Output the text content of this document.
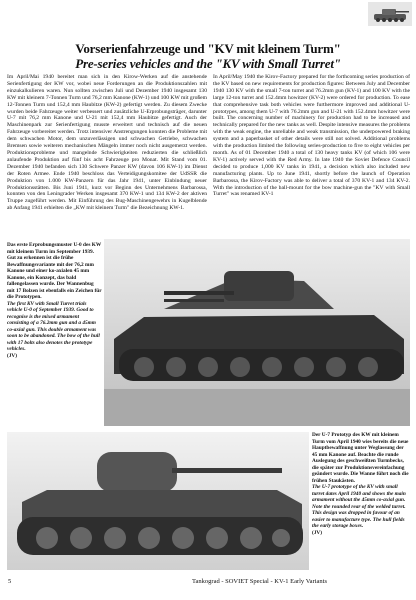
Vorserienfahrzeuge und "KV mit kleinem Turm"
Pre-series vehicles and the "KV with Small Turret"

Im April/Mai 1940 bereitet man sich in den Kirow-Werken auf die anstehende Serienfertigung der KW vor, wobei neue Forderungen an die Produktionszahlen mit einzukalkulieren waren. Nun sollten zwischen Juli und Dezember 1940 insgesamt 130 KW mit kleinem 7-Tonnen Turm und 76,2 mm Kanone (KW-1) und 100 KW mit großem 12-Tonnen Turm und 152,4 mm Haubitze (KW-2) gefertigt werden. Zu diesem Zwecke wurden beide Fahrzeuge weiter verbessert und zusätzliche U-Erprobungsträger, darunter U-7 mit 76,2 mm Kanone und U-21 mit 152,4 mm Haubitze gefertigt. Auch der Maschinenpark zur Serienfertigung musste erweitert und technisch auf die neuen Fahrzeuge vorbereitet werden. Trotz intensiver Anstrengungen konnten die Probleme mit dem schwachen Motor, dem unzuverlässigen und schwachen Getriebe, schwachen Bremsen sowie weiteren mechanischen Mängeln immer noch nicht ausgemerzt werden. Produktionsprobleme und mangelnde Schwierigkeiten reduzierten die schließlich anlaufende Produktion auf fünf bis acht Fahrzeuge pro Monat. Mit Stand vom 01. Dezember 1940 befanden sich 130 Schwere Panzer KW (davon 106 KW-1) im Dienst der Roten Armee. Ende 1940 beschloss das Verteidigungskomitee der UdSSR die Produktion von 1.000 KW-Panzern für das Jahr 1941, unter Einbindung neuer Produktionsstätten. Bis Juni 1941, kurz vor Beginn des Unternehmens Barbarossa, konnten von den Leningrader Werken insgesamt 370 KW-1 und 134 KW-2 der aktiven Truppe zugeführt werden. Mit Einführung des Bug-Maschinengewehrs in Kugelblende ab Anfang 1941 erhielten die „KW mit kleinem Turm" die Bezeichnung KW-1.

In April/May 1940 the Kirov-Factory prepared for the forthcoming series production of the KV based on new requirements for production figures: Between July and December 1940 130 KV with the small 7-ton turret and 76.2mm gun (KV-1) and 100 KV with the large 12-ton turret and 152.4mm howitzer (KV-2) were ordered for production. To ease that comprehensive task both vehicles were furthermore improved and additional U-prototypes, among them U-7 with 76.2mm gun and U-21 with 152.4mm howitzer were built. The concerning number of machinery for production had to be increased and technically prepared for the new tanks as well. Despite intensive measures the problems with the weak engine, the unreliable and weak transmission, the underpowered braking system and a paperbasket of other details were still not solved. Additional problems with the production limited the following series-production to five to eight vehicles per month. As of 01 December 1940 a total of 130 heavy tanks KV (of which 106 were KV-1) actively served with the Red Army. In late 1940 the Soviet Defence Council decided to produce 1,000 KV tanks in 1941, a decision which also included new manufacturing plants. Up to June 1941, shortly before the launch of Operation Barbarossa, the Kirov-Factory was able to deliver a total of 370 KV-1 and 134 KV-2. With the introduction of the ball-mount for the bow machine-gun the "KV with Small Turret" was renamed KV-1

Das erste Erprobungsmuster U-0 des KW mit kleinem Turm im September 1939. Gut zu erkennen ist die frühe Bewaffnungsvariante mit der 76,2 mm Kanone und einer ko-axialen 45 mm Kanone, ein Konzept, das bald fallengelassen wurde. Der Wannenbug mit 17 Bolzen ist ebenfalls ein Zeichen für die Prototypen.

The first KV with Small Turret trials vehicle U-0 of September 1939. Good to recognise is the mixed armament consisting of a 76.2mm gun and a 45mm co-axial gun. This double armament was soon to be abandoned. The bow of the hull with 17 bolts also denotes the prototype vehicles.

(JV)

Der U-7 Prototyp des KW mit kleinem Turm vom April 1940 wies bereits die neue Hauptbewaffnung unter Weglassung der 45 mm Kanone auf. Beachte die runde Auslegung des geschweißten Turmbecks, die später zur Produktionsvereinfachung geändert wurde. Die Wanne führt noch die frühen Staukästen.

The U-7 prototype of the KV with small turret dates April 1940 and shows the main armament without the 45mm co-axial gun. Note the rounded rear of the welded turret. This design was dropped in favour of an easier to manufacture type. The hull fields the early storage boxes.

(JV)

5	Tankograd - SOVIET Special - KV-1 Early Variants
